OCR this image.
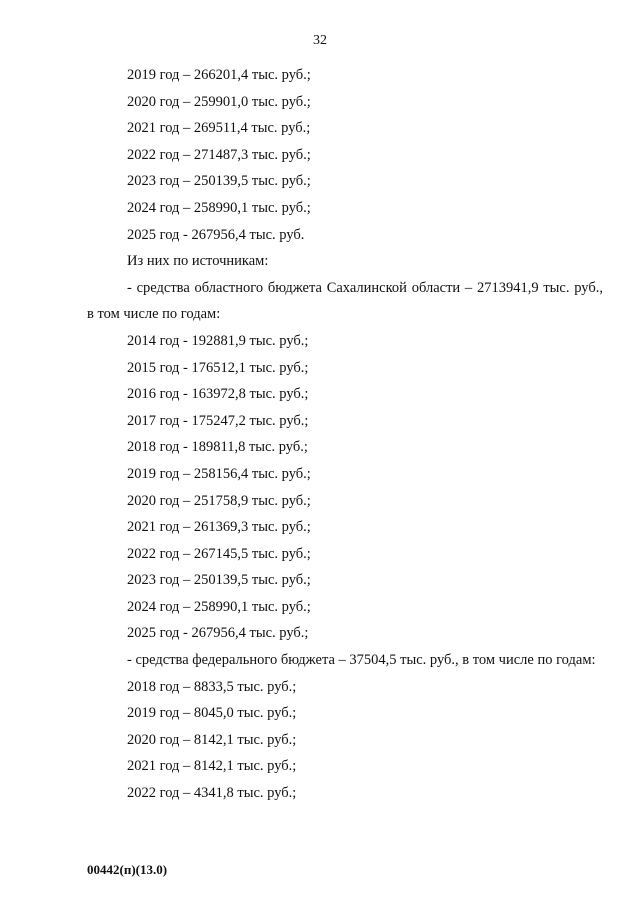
32
2019 год – 266201,4 тыс. руб.;
2020 год – 259901,0 тыс. руб.;
2021 год – 269511,4 тыс. руб.;
2022 год – 271487,3 тыс. руб.;
2023 год – 250139,5 тыс. руб.;
2024 год – 258990,1 тыс. руб.;
2025 год - 267956,4 тыс. руб.
Из них по источникам:

- средства областного бюджета Сахалинской области – 2713941,9 тыс. руб., в том числе по годам:

2014 год - 192881,9 тыс. руб.;
2015 год - 176512,1 тыс. руб.;
2016 год - 163972,8 тыс. руб.;
2017 год - 175247,2 тыс. руб.;
2018 год - 189811,8 тыс. руб.;
2019 год – 258156,4 тыс. руб.;
2020 год – 251758,9 тыс. руб.;
2021 год – 261369,3 тыс. руб.;
2022 год – 267145,5 тыс. руб.;
2023 год – 250139,5 тыс. руб.;
2024 год – 258990,1 тыс. руб.;
2025 год - 267956,4 тыс. руб.;

- средства федерального бюджета – 37504,5 тыс. руб., в том числе по годам:

2018 год – 8833,5 тыс. руб.;
2019 год – 8045,0 тыс. руб.;
2020 год – 8142,1 тыс. руб.;
2021 год – 8142,1 тыс. руб.;
2022 год – 4341,8 тыс. руб.;
00442(п)(13.0)
